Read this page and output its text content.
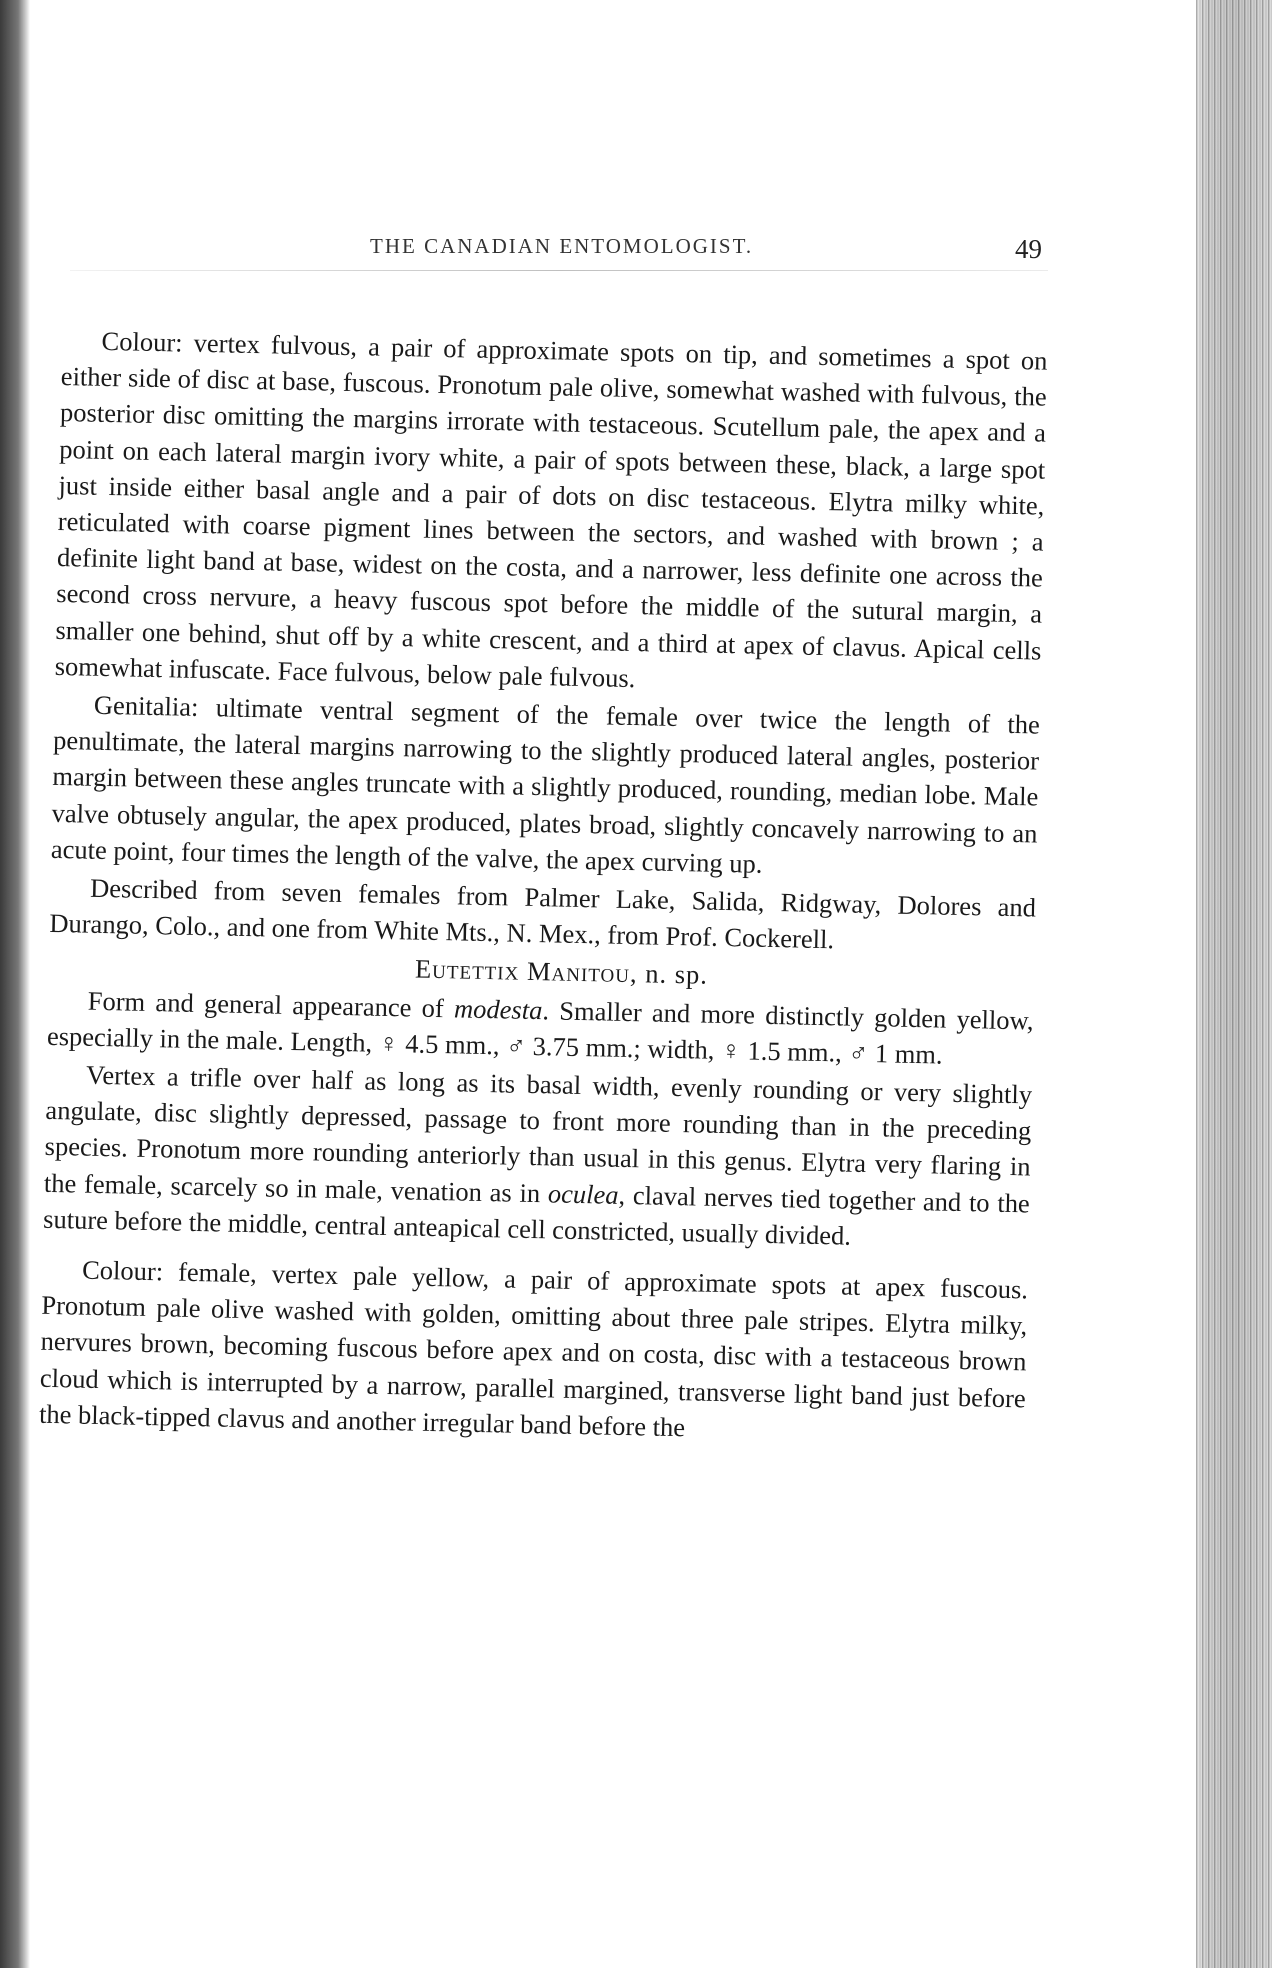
THE CANADIAN ENTOMOLOGIST.	49

Colour: vertex fulvous, a pair of approximate spots on tip, and sometimes a spot on either side of disc at base, fuscous. Pronotum pale olive, somewhat washed with fulvous, the posterior disc omitting the margins irrorate with testaceous. Scutellum pale, the apex and a point on each lateral margin ivory white, a pair of spots between these, black, a large spot just inside either basal angle and a pair of dots on disc testaceous. Elytra milky white, reticulated with coarse pigment lines between the sectors, and washed with brown ; a definite light band at base, widest on the costa, and a narrower, less definite one across the second cross nervure, a heavy fuscous spot before the middle of the sutural margin, a smaller one behind, shut off by a white crescent, and a third at apex of clavus. Apical cells somewhat infuscate. Face fulvous, below pale fulvous.

Genitalia: ultimate ventral segment of the female over twice the length of the penultimate, the lateral margins narrowing to the slightly produced lateral angles, posterior margin between these angles truncate with a slightly produced, rounding, median lobe. Male valve obtusely angular, the apex produced, plates broad, slightly concavely narrowing to an acute point, four times the length of the valve, the apex curving up.

Described from seven females from Palmer Lake, Salida, Ridgway, Dolores and Durango, Colo., and one from White Mts., N. Mex., from Prof. Cockerell.

Eutettix Manitou, n. sp.

Form and general appearance of modesta. Smaller and more distinctly golden yellow, especially in the male. Length, ♀ 4.5 mm., ♂ 3.75 mm.; width, ♀ 1.5 mm., ♂ 1 mm.

Vertex a trifle over half as long as its basal width, evenly rounding or very slightly angulate, disc slightly depressed, passage to front more rounding than in the preceding species. Pronotum more rounding anteriorly than usual in this genus. Elytra very flaring in the female, scarcely so in male, venation as in oculea, claval nerves tied together and to the suture before the middle, central anteapical cell constricted, usually divided.

Colour: female, vertex pale yellow, a pair of approximate spots at apex fuscous. Pronotum pale olive washed with golden, omitting about three pale stripes. Elytra milky, nervures brown, becoming fuscous before apex and on costa, disc with a testaceous brown cloud which is interrupted by a narrow, parallel margined, transverse light band just before the black-tipped clavus and another irregular band before the
